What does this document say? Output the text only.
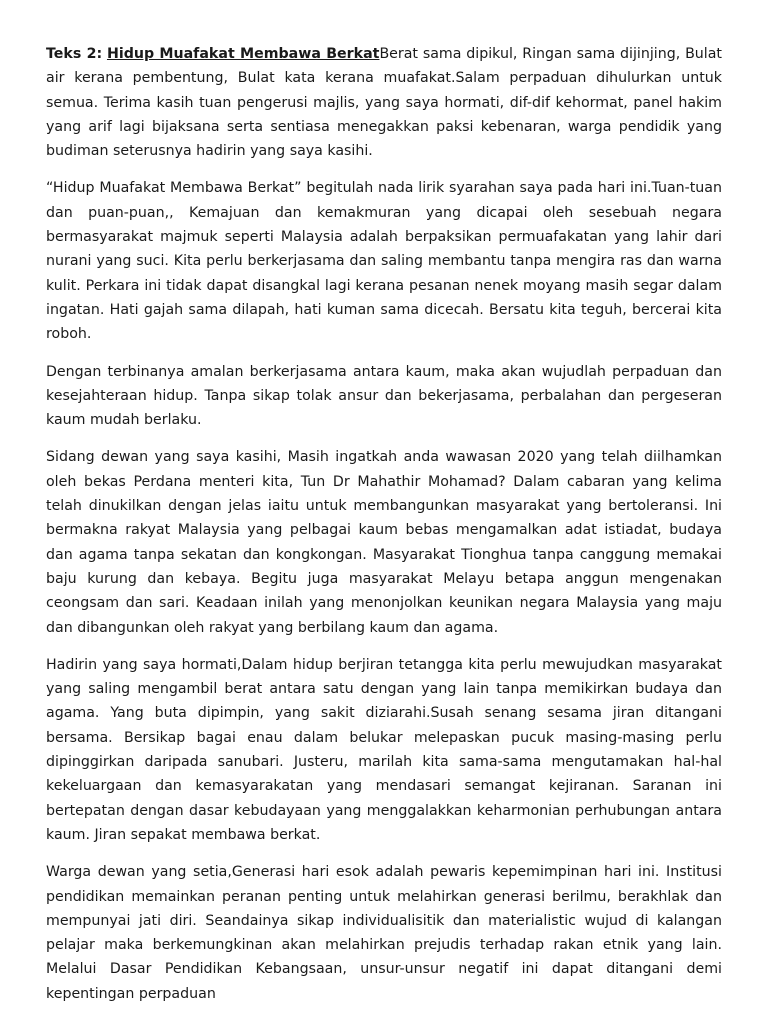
Teks 2: Hidup Muafakat Membawa BerkatBerat sama dipikul, Ringan sama dijinjing, Bulat air kerana pembentung, Bulat kata kerana muafakat.Salam perpaduan dihulurkan untuk semua. Terima kasih tuan pengerusi majlis, yang saya hormati, dif-dif kehormat, panel hakim yang arif lagi bijaksana serta sentiasa menegakkan paksi kebenaran, warga pendidik yang budiman seterusnya hadirin yang saya kasihi.

“Hidup Muafakat Membawa Berkat” begitulah nada lirik syarahan saya pada hari ini.Tuan-tuan dan puan-puan,, Kemajuan dan kemakmuran yang dicapai oleh sesebuah negara bermasyarakat majmuk seperti Malaysia adalah berpaksikan permuafakatan yang lahir dari nurani yang suci. Kita perlu berkerjasama dan saling membantu tanpa mengira ras dan warna kulit. Perkara ini tidak dapat disangkal lagi kerana pesanan nenek moyang masih segar dalam ingatan. Hati gajah sama dilapah, hati kuman sama dicecah. Bersatu kita teguh, bercerai kita roboh.

Dengan terbinanya amalan berkerjasama antara kaum, maka akan wujudlah perpaduan dan kesejahteraan hidup. Tanpa sikap tolak ansur dan bekerjasama, perbalahan dan pergeseran kaum mudah berlaku.

Sidang dewan yang saya kasihi, Masih ingatkah anda wawasan 2020 yang telah diilhamkan oleh bekas Perdana menteri kita, Tun Dr Mahathir Mohamad? Dalam cabaran yang kelima telah dinukilkan dengan jelas iaitu untuk membangunkan masyarakat yang bertoleransi. Ini bermakna rakyat Malaysia yang pelbagai kaum bebas mengamalkan adat istiadat, budaya dan agama tanpa sekatan dan kongkongan. Masyarakat Tionghua tanpa canggung memakai baju kurung dan kebaya. Begitu juga masyarakat Melayu betapa anggun mengenakan ceongsam dan sari. Keadaan inilah yang menonjolkan keunikan negara Malaysia yang maju dan dibangunkan oleh rakyat yang berbilang kaum dan agama.

Hadirin yang saya hormati,Dalam hidup berjiran tetangga kita perlu mewujudkan masyarakat yang saling mengambil berat antara satu dengan yang lain tanpa memikirkan budaya dan agama. Yang buta dipimpin, yang sakit diziarahi.Susah senang sesama jiran ditangani bersama. Bersikap bagai enau dalam belukar melepaskan pucuk masing-masing perlu dipinggirkan daripada sanubari. Justeru, marilah kita sama-sama mengutamakan hal-hal kekeluargaan dan kemasyarakatan yang mendasari semangat kejiranan. Saranan ini bertepatan dengan dasar kebudayaan yang menggalakkan keharmonian perhubungan antara kaum. Jiran sepakat membawa berkat.

Warga dewan yang setia,Generasi hari esok adalah pewaris kepemimpinan hari ini. Institusi pendidikan memainkan peranan penting untuk melahirkan generasi berilmu, berakhlak dan mempunyai jati diri. Seandainya sikap individualisitik dan materialistic wujud di kalangan pelajar maka berkemungkinan akan melahirkan prejudis terhadap rakan etnik yang lain. Melalui Dasar Pendidikan Kebangsaan, unsur-unsur negatif ini dapat ditangani demi kepentingan perpaduan
